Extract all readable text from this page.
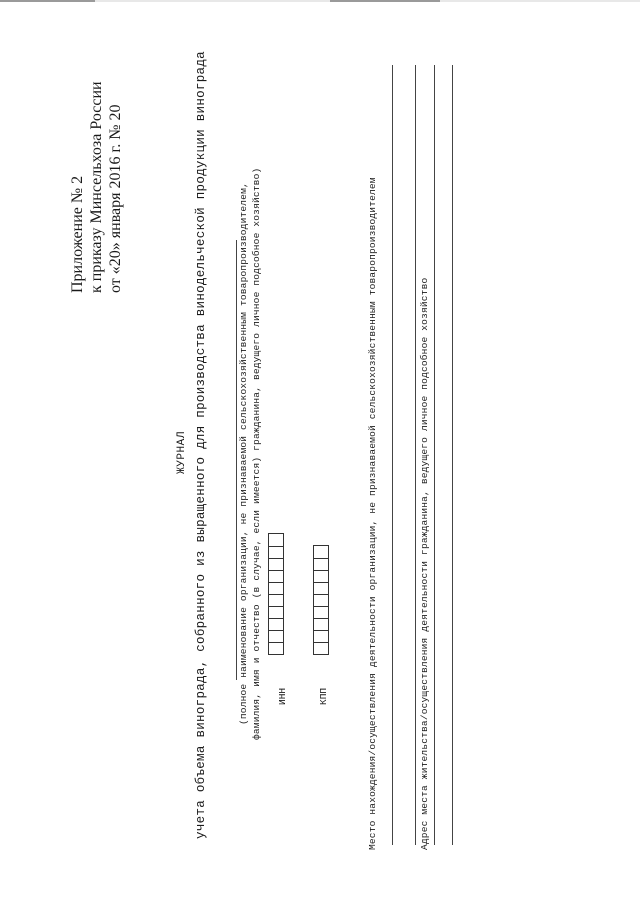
Приложение № 2 к приказу Минсельхоза России от «20» января 2016 г. № 20
ЖУРНАЛ учета объема винограда, собранного из выращенного для производства винодельческой продукции винограда	(полное наименование организации, не признаваемой сельскохозяйственным товаропроизводителем, фамилия, имя и отчество (в случае, если имеется) гражданина, ведущего личное подсобное хозяйство) ИНН	КПП	Место нахождения/осуществления деятельности организации, не признаваемой сельскохозяйственным товаропроизводителем	Адрес места жительства/осуществления деятельности гражданина, ведущего личное подсобное хозяйство
